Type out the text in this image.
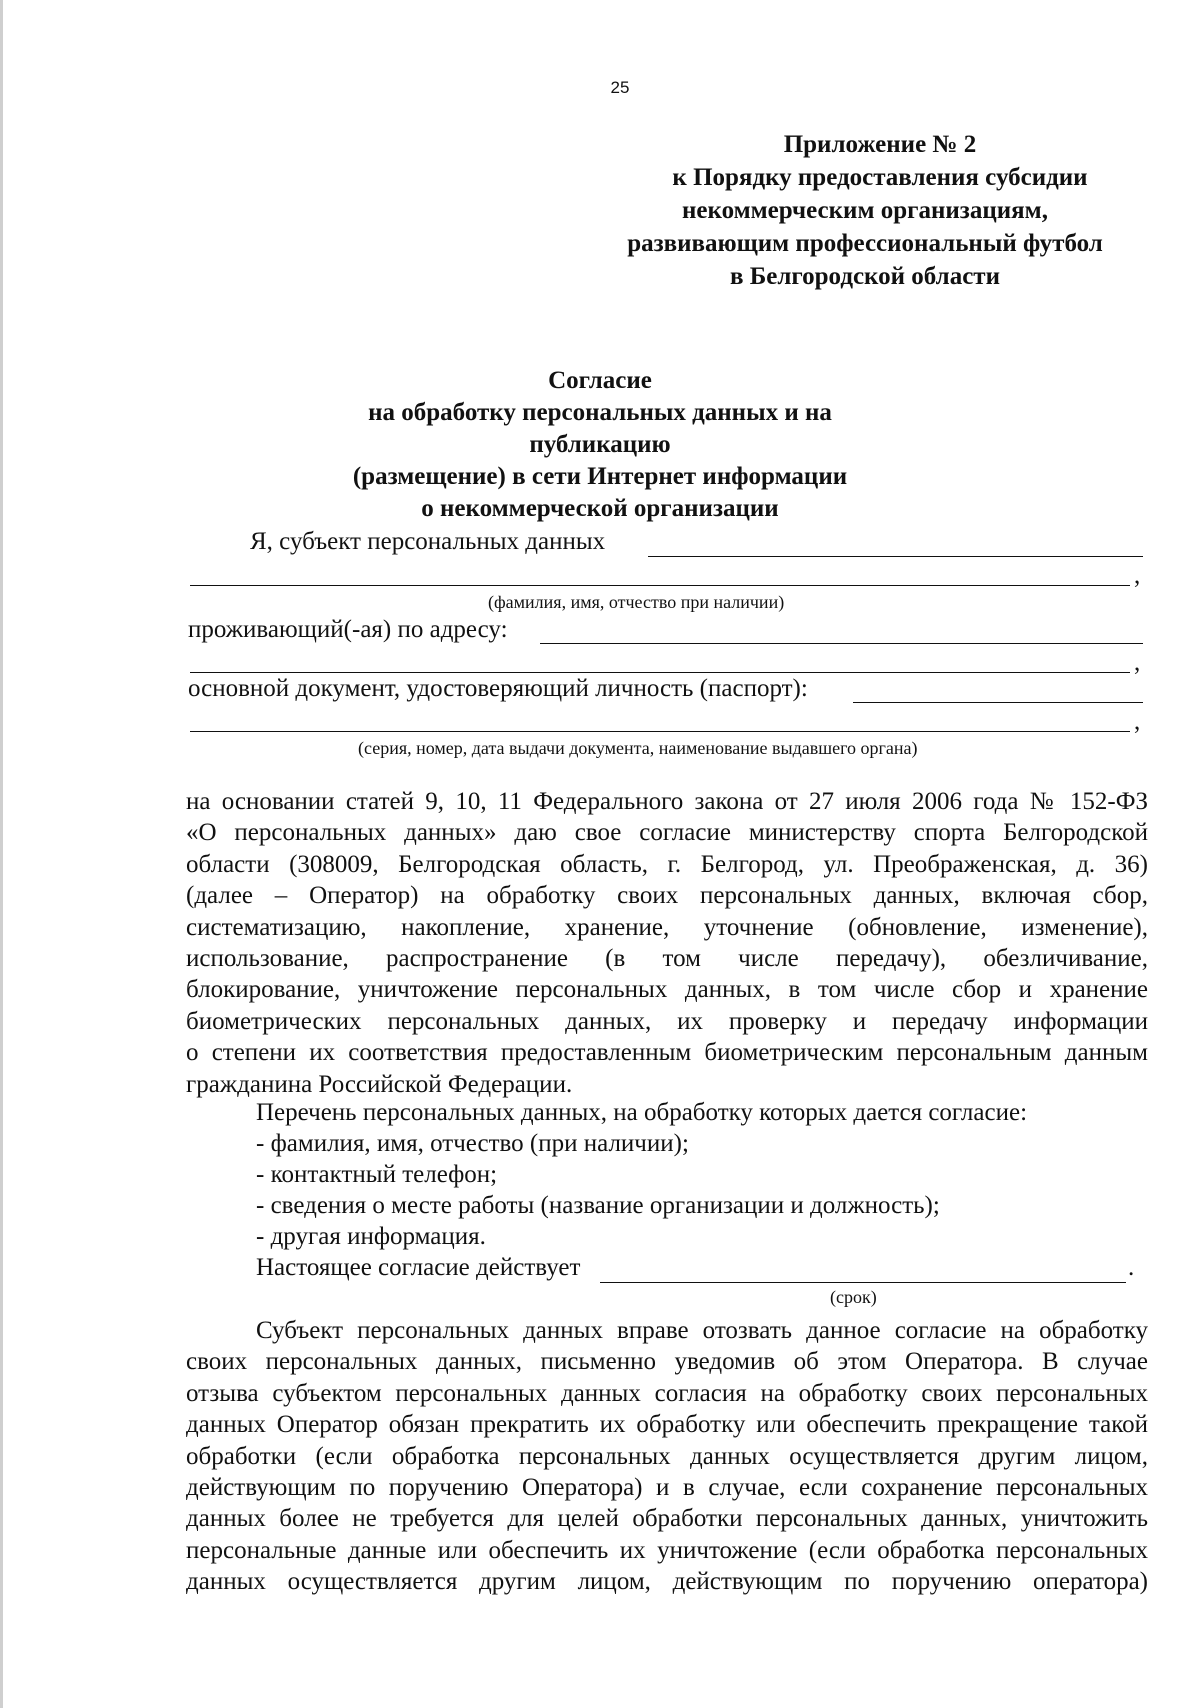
25
Приложение № 2
к Порядку предоставления субсидии
некоммерческим организациям,
развивающим профессиональный футбол
в Белгородской области
Согласие
на обработку персональных данных и на публикацию
(размещение) в сети Интернет информации
о некоммерческой организации
Я, субъект персональных данных
,
(фамилия, имя, отчество при наличии)
проживающий(-ая) по адресу:
,
основной документ, удостоверяющий личность (паспорт):
,
(серия, номер, дата выдачи документа, наименование выдавшего органа)
на основании статей 9, 10, 11 Федерального закона от 27 июля 2006 года № 152-ФЗ
«О персональных данных» даю свое согласие министерству спорта Белгородской
области (308009, Белгородская область, г. Белгород, ул. Преображенская, д. 36)
(далее – Оператор) на обработку своих персональных данных, включая сбор,
систематизацию, накопление, хранение, уточнение (обновление, изменение),
использование, распространение (в том числе передачу), обезличивание,
блокирование, уничтожение персональных данных, в том числе сбор и хранение
биометрических персональных данных, их проверку и передачу информации
о степени их соответствия предоставленным биометрическим персональным данным
гражданина Российской Федерации.
Перечень персональных данных, на обработку которых дается согласие:
- фамилия, имя, отчество (при наличии);
- контактный телефон;
- сведения о месте работы (название организации и должность);
- другая информация.
Настоящее согласие действует	.
(срок)
Субъект персональных данных вправе отозвать данное согласие на обработку
своих персональных данных, письменно уведомив об этом Оператора. В случае
отзыва субъектом персональных данных согласия на обработку своих персональных
данных Оператор обязан прекратить их обработку или обеспечить прекращение такой
обработки (если обработка персональных данных осуществляется другим лицом,
действующим по поручению Оператора) и в случае, если сохранение персональных
данных более не требуется для целей обработки персональных данных, уничтожить
персональные данные или обеспечить их уничтожение (если обработка персональных
данных осуществляется другим лицом, действующим по поручению оператора)
